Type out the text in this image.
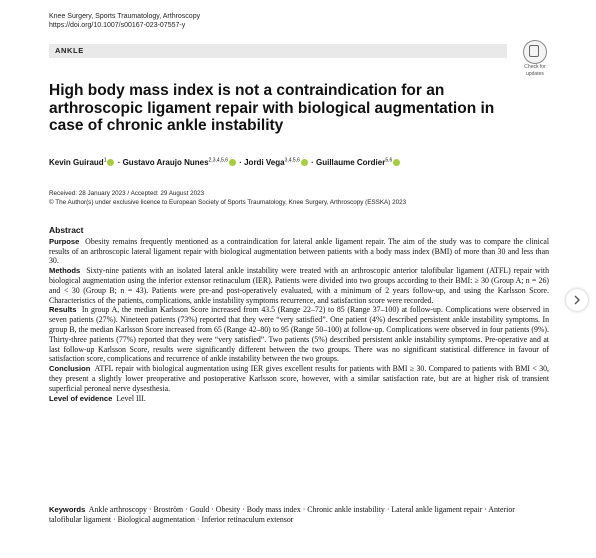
Knee Surgery, Sports Traumatology, Arthroscopy
https://doi.org/10.1007/s00167-023-07557-y
ANKLE
Check for
updates
High body mass index is not a contraindication for an arthroscopic ligament repair with biological augmentation in case of chronic ankle instability
Kevin Guiraud$^1$ · Gustavo Araujo Nunes$^{2,3,4,5,6}$ · Jordi Vega$^{3,4,5,6}$ · Guillaume Cordier$^{5,6}$
Received: 28 January 2023 / Accepted: 29 August 2023
© The Author(s) under exclusive licence to European Society of Sports Traumatology, Knee Surgery, Arthroscopy (ESSKA) 2023
Abstract

Purpose Obesity remains frequently mentioned as a contraindication for lateral ankle ligament repair. The aim of the study was to compare the clinical results of an arthroscopic lateral ligament repair with biological augmentation between patients with a body mass index (BMI) of more than 30 and less than 30.

Methods Sixty-nine patients with an isolated lateral ankle instability were treated with an arthroscopic anterior talofibular ligament (ATFL) repair with biological augmentation using the inferior extensor retinaculum (IER). Patients were divided into two groups according to their BMI: ≥ 30 (Group A; n = 26) and < 30 (Group B; n = 43). Patients were pre-and post-operatively evaluated, with a minimum of 2 years follow-up, and using the Karlsson Score. Characteristics of the patients, complications, ankle instability symptoms recurrence, and satisfaction score were recorded.

Results In group A, the median Karlsson Score increased from 43.5 (Range 22–72) to 85 (Range 37–100) at follow-up. Complications were observed in seven patients (27%). Nineteen patients (73%) reported that they were “very satisfied”. One patient (4%) described persistent ankle instability symptoms. In group B, the median Karlsson Score increased from 65 (Range 42–80) to 95 (Range 50–100) at follow-up. Complications were observed in four patients (9%). Thirty-three patients (77%) reported that they were “very satisfied”. Two patients (5%) described persistent ankle instability symptoms. Pre-operative and at last follow-up Karlsson Score, results were significantly different between the two groups. There was no significant statistical difference in favour of satisfaction score, complications and recurrence of ankle instability between the two groups.

Conclusion ATFL repair with biological augmentation using IER gives excellent results for patients with BMI ≥ 30. Compared to patients with BMI < 30, they present a slightly lower preoperative and postoperative Karlsson score, however, with a similar satisfaction rate, but are at higher risk of transient superficial peroneal nerve dysesthesia.

Level of evidence Level III.

Keywords Ankle arthroscopy · Broström · Gould · Obesity · Body mass index · Chronic ankle instability · Lateral ankle ligament repair · Anterior talofibular ligament · Biological augmentation · Inferior retinaculum extensor
